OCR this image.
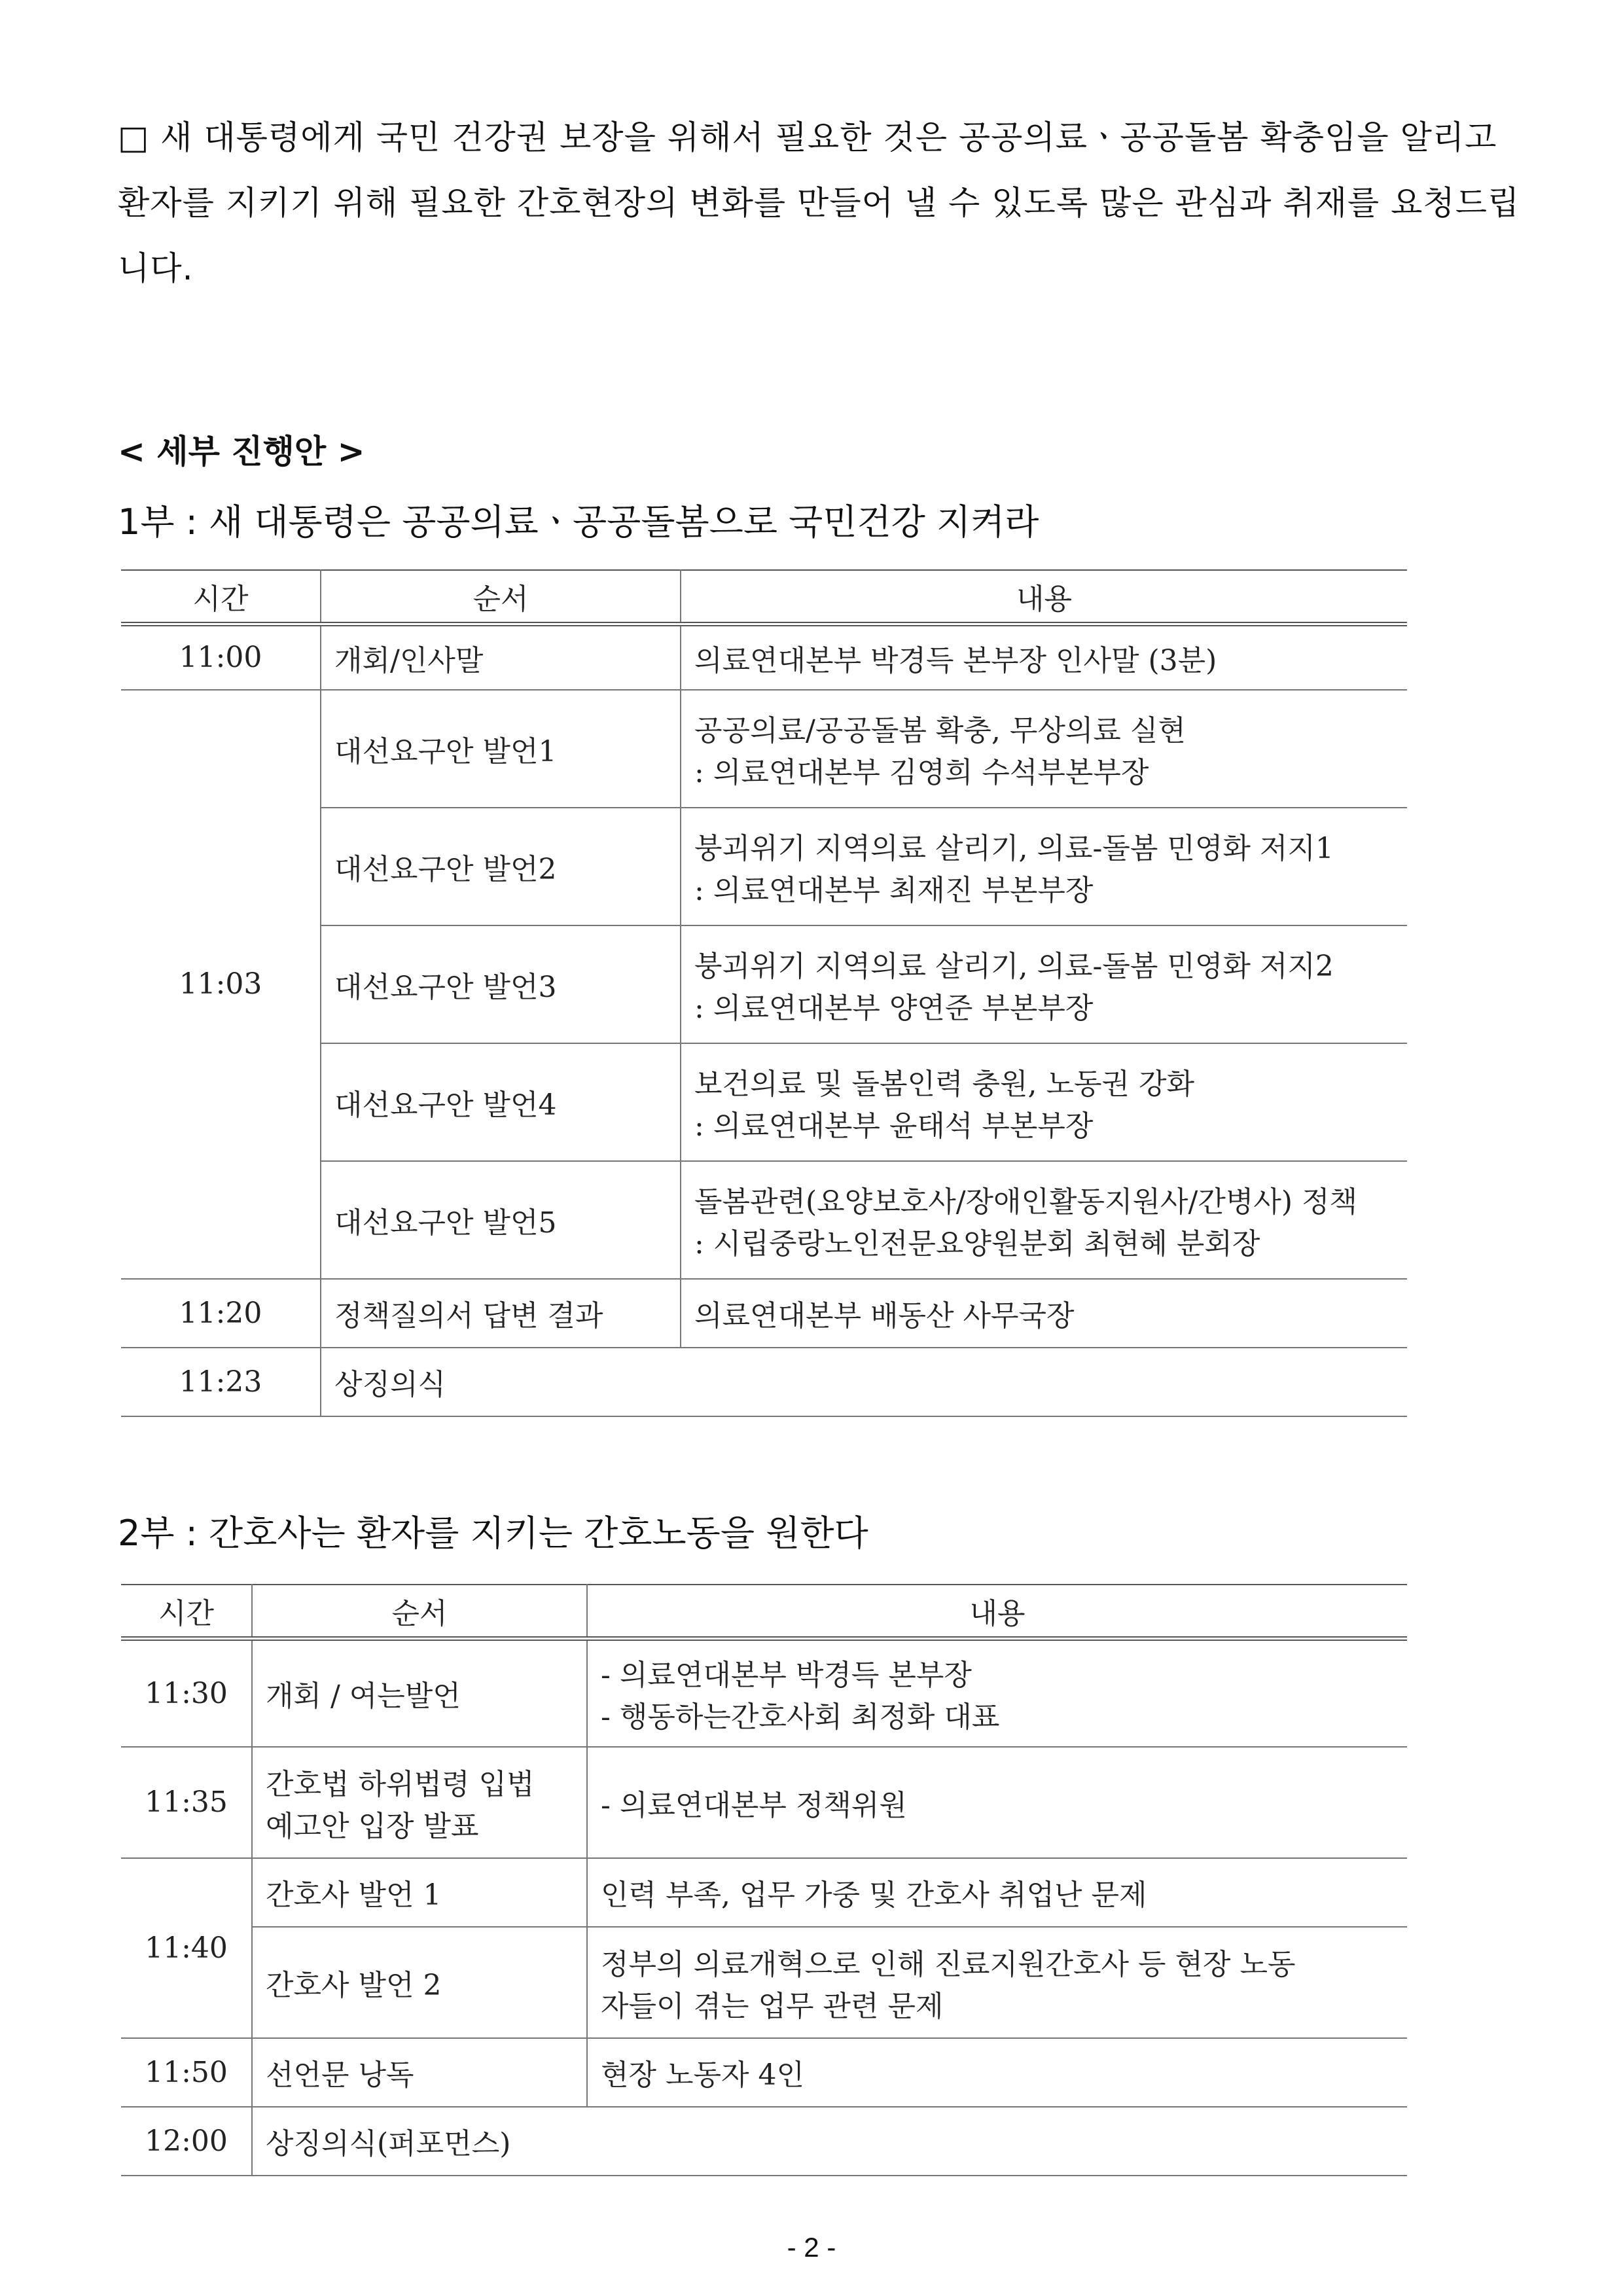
□ 새 대통령에게 국민 건강권 보장을 위해서 필요한 것은 공공의료ㆍ공공돌봄 확충임을 알리고 환자를 지키기 위해 필요한 간호현장의 변화를 만들어 낼 수 있도록 많은 관심과 취재를 요청드립니다.
< 세부 진행안 >
1부 : 새 대통령은 공공의료ㆍ공공돌봄으로 국민건강 지켜라
시간	순서	내용
11:00	개회/인사말	의료연대본부 박경득 본부장 인사말 (3분)
11:03	대선요구안 발언1	공공의료/공공돌봄 확충, 무상의료 실현
: 의료연대본부 김영희 수석부본부장

	대선요구안 발언2	붕괴위기 지역의료 살리기, 의료-돌봄 민영화 저지1
: 의료연대본부 최재진 부본부장

	대선요구안 발언3	붕괴위기 지역의료 살리기, 의료-돌봄 민영화 저지2
: 의료연대본부 양연준 부본부장

	대선요구안 발언4	보건의료 및 돌봄인력 충원, 노동권 강화
: 의료연대본부 윤태석 부본부장

	대선요구안 발언5	돌봄관련(요양보호사/장애인활동지원사/간병사) 정책
: 시립중랑노인전문요양원분회 최현혜 분회장

11:20	정책질의서 답변 결과	의료연대본부 배동산 사무국장
11:23	상징의식	
2부 : 간호사는 환자를 지키는 간호노동을 원한다
시간	순서	내용
11:30	개회 / 여는발언	- 의료연대본부 박경득 본부장
- 행동하는간호사회 최정화 대표

11:35	간호법 하위법령 입법
예고안 입장 발표	- 의료연대본부 정책위원
11:40	간호사 발언 1	인력 부족, 업무 가중 및 간호사 취업난 문제
	간호사 발언 2	정부의 의료개혁으로 인해 진료지원간호사 등 현장 노동
자들이 겪는 업무 관련 문제

11:50	선언문 낭독	현장 노동자 4인
12:00	상징의식(퍼포먼스)	
- 2 -
